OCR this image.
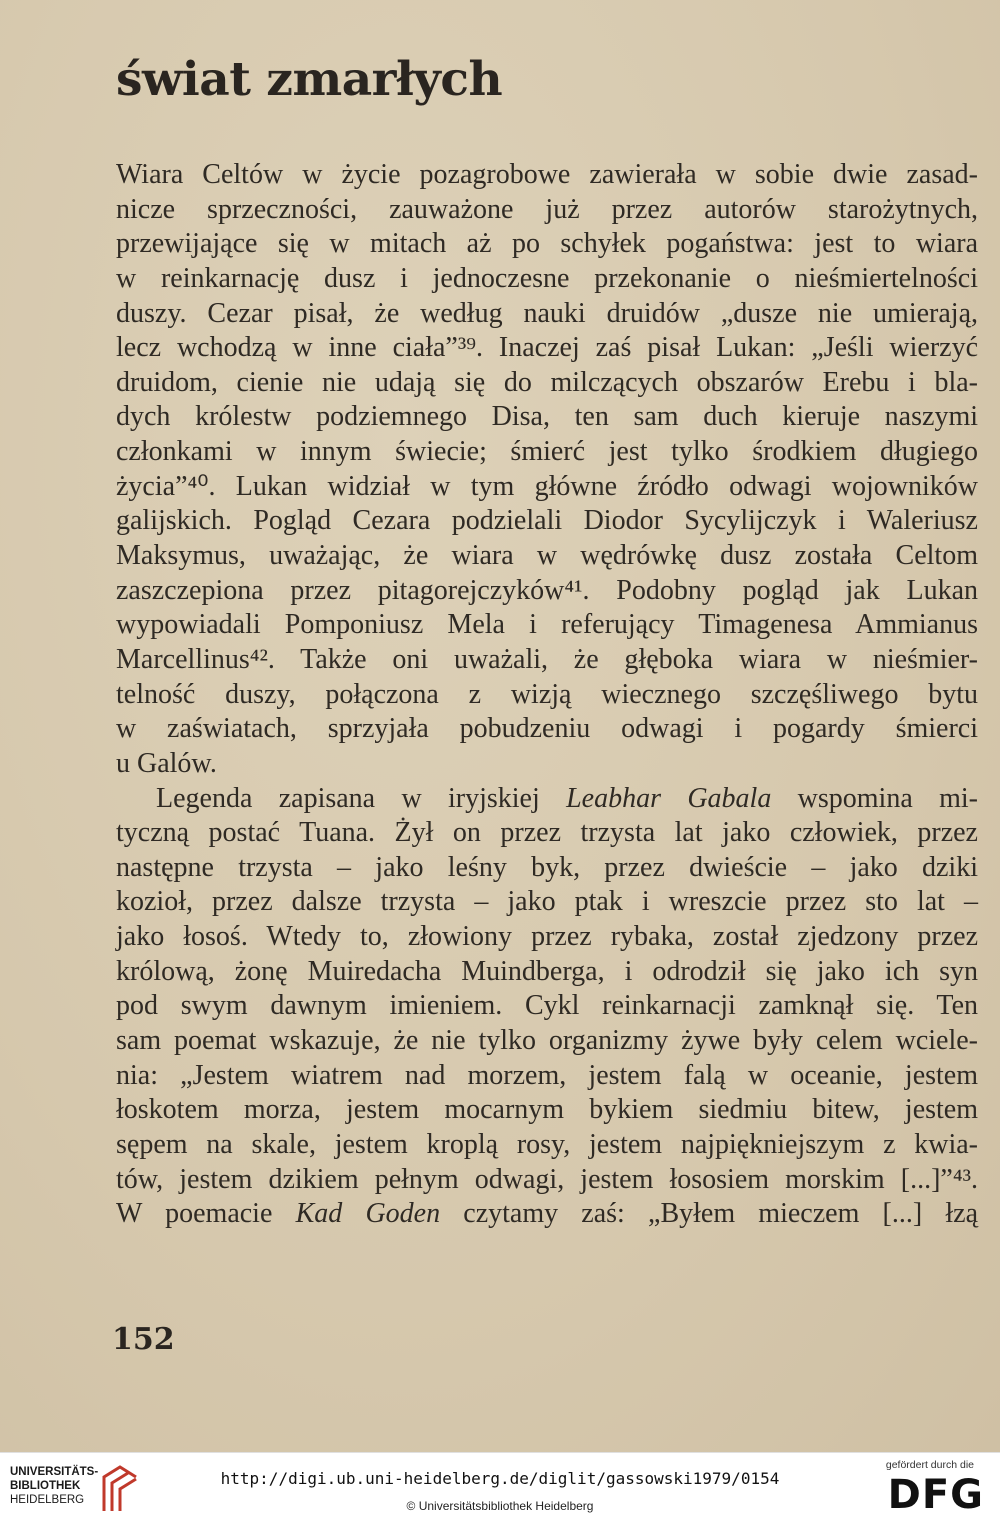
świat zmarłych
Wiara Celtów w życie pozagrobowe zawierała w sobie dwie zasad-
nicze sprzeczności, zauważone już przez autorów starożytnych,
przewijające się w mitach aż po schyłek pogaństwa: jest to wiara
w reinkarnację dusz i jednoczesne przekonanie o nieśmiertelności
duszy. Cezar pisał, że według nauki druidów „dusze nie umierają,
lecz wchodzą w inne ciała”³⁹. Inaczej zaś pisał Lukan: „Jeśli wierzyć
druidom, cienie nie udają się do milczących obszarów Erebu i bla-
dych królestw podziemnego Disa, ten sam duch kieruje naszymi
członkami w innym świecie; śmierć jest tylko środkiem długiego
życia”⁴⁰. Lukan widział w tym główne źródło odwagi wojowników
galijskich. Pogląd Cezara podzielali Diodor Sycylijczyk i Waleriusz
Maksymus, uważając, że wiara w wędrówkę dusz została Celtom
zaszczepiona przez pitagorejczyków⁴¹. Podobny pogląd jak Lukan
wypowiadali Pomponiusz Mela i referujący Timagenesa Ammianus
Marcellinus⁴². Także oni uważali, że głęboka wiara w nieśmier-
telność duszy, połączona z wizją wiecznego szczęśliwego bytu
w zaświatach, sprzyjała pobudzeniu odwagi i pogardy śmierci
u Galów.
Legenda zapisana w iryjskiej Leabhar Gabala wspomina mi-
tyczną postać Tuana. Żył on przez trzysta lat jako człowiek, przez
następne trzysta – jako leśny byk, przez dwieście – jako dziki
kozioł, przez dalsze trzysta – jako ptak i wreszcie przez sto lat –
jako łosoś. Wtedy to, złowiony przez rybaka, został zjedzony przez
królową, żonę Muiredacha Muindberga, i odrodził się jako ich syn
pod swym dawnym imieniem. Cykl reinkarnacji zamknął się. Ten
sam poemat wskazuje, że nie tylko organizmy żywe były celem wciele-
nia: „Jestem wiatrem nad morzem, jestem falą w oceanie, jestem
łoskotem morza, jestem mocarnym bykiem siedmiu bitew, jestem
sępem na skale, jestem kroplą rosy, jestem najpiękniejszym z kwia-
tów, jestem dzikiem pełnym odwagi, jestem łososiem morskim [...]”⁴³.
W poemacie Kad Goden czytamy zaś: „Byłem mieczem [...] łzą
152
UNIVERSITÄTS-
BIBLIOTHEK
HEIDELBERG
http://digi.ub.uni-heidelberg.de/diglit/gassowski1979/0154
© Universitätsbibliothek Heidelberg
gefördert durch die
DFG
